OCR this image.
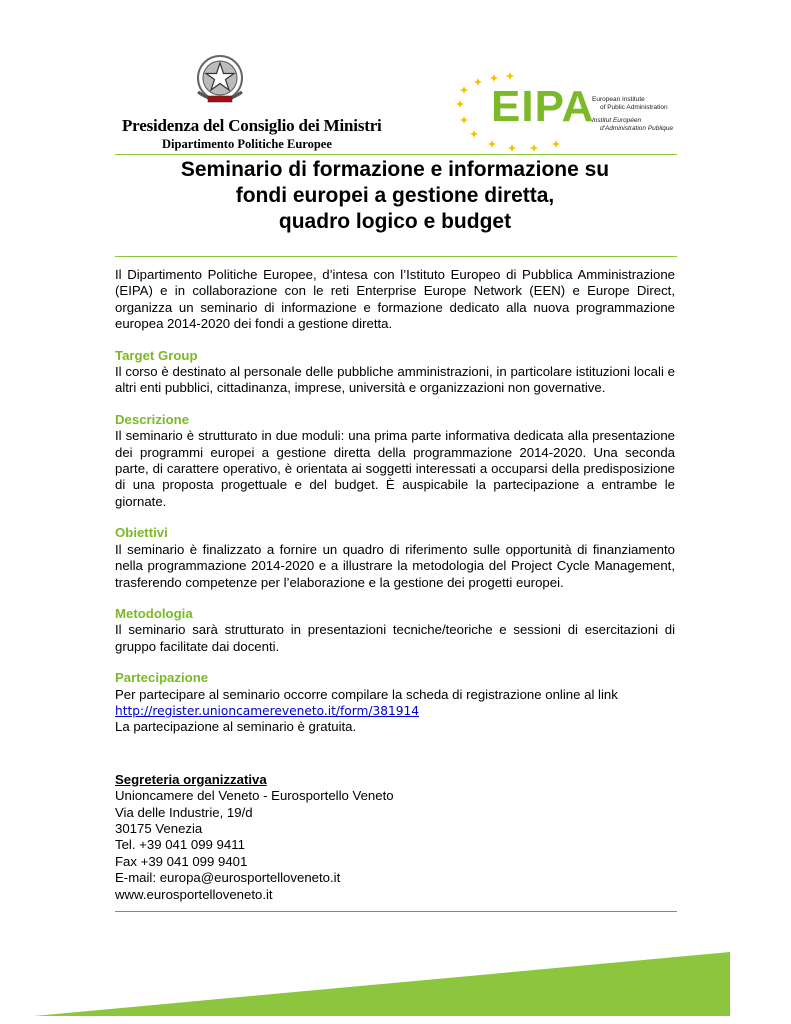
Presidenza del Consiglio dei Ministri
Dipartimento Politiche Europee
EIPA
European Institute
of Public Administration
Institut Européen
d'Administration Publique
Seminario di formazione e informazione su
fondi europei a gestione diretta,
quadro logico e budget

Il Dipartimento Politiche Europee, d’intesa con l’Istituto Europeo di Pubblica Amministrazione (EIPA) e in collaborazione con le reti Enterprise Europe Network (EEN) e Europe Direct, organizza un seminario di informazione e formazione dedicato alla nuova programmazione europea 2014-2020 dei fondi a gestione diretta.

Target Group

Il corso è destinato al personale delle pubbliche amministrazioni, in particolare istituzioni locali e altri enti pubblici, cittadinanza, imprese, università e organizzazioni non governative.

Descrizione

Il seminario è strutturato in due moduli: una prima parte informativa dedicata alla presentazione dei programmi europei a gestione diretta della programmazione 2014-2020. Una seconda parte, di carattere operativo, è orientata ai soggetti interessati a occuparsi della predisposizione di una proposta progettuale e del budget. È auspicabile la partecipazione a entrambe le giornate.

Obiettivi

Il seminario è finalizzato a fornire un quadro di riferimento sulle opportunità di finanziamento nella programmazione 2014-2020 e a illustrare la metodologia del Project Cycle Management, trasferendo competenze per l’elaborazione e la gestione dei progetti europei.

Metodologia

Il seminario sarà strutturato in presentazioni tecniche/teoriche e sessioni di esercitazioni di gruppo facilitate dai docenti.

Partecipazione

Per partecipare al seminario occorre compilare la scheda di registrazione online al link

http://register.unioncamereveneto.it/form/381914
La partecipazione al seminario è gratuita.
Segreteria organizzativa
Unioncamere del Veneto - Eurosportello Veneto
Via delle Industrie, 19/d
30175 Venezia
Tel. +39 041 099 9411
Fax +39 041 099 9401
E-mail: europa@eurosportelloveneto.it
www.eurosportelloveneto.it
